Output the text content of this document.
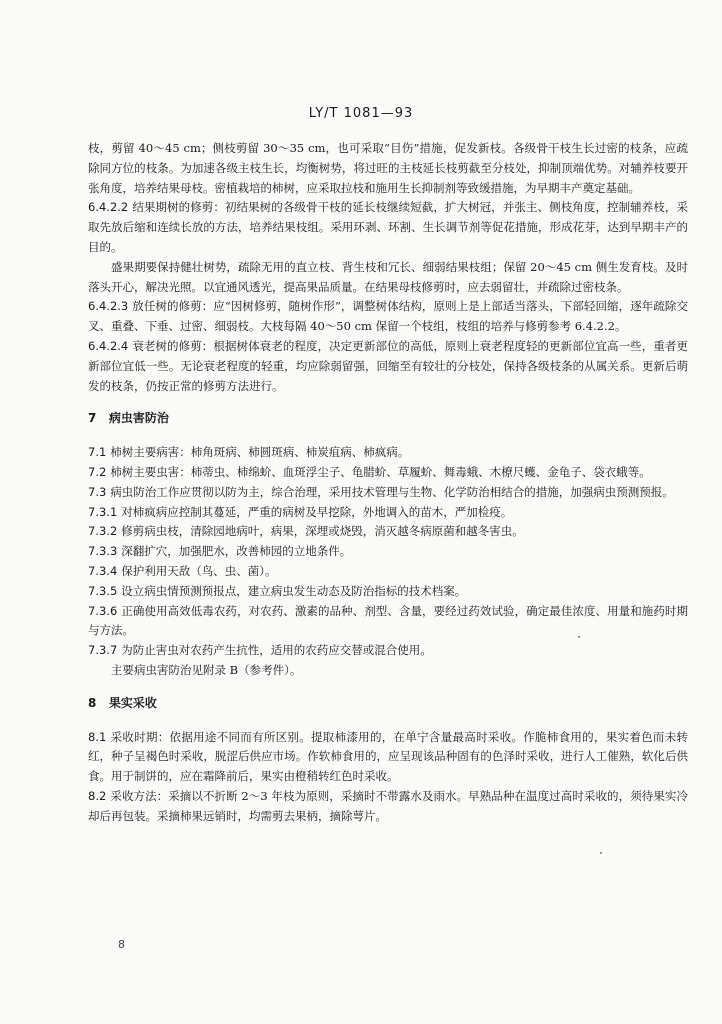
LY/T 1081—93

枝，剪留 40～45 cm；侧枝剪留 30～35 cm，也可采取“目伤”措施，促发新枝。各级骨干枝生长过密的枝条，应疏除同方位的枝条。为加速各级主枝生长，均衡树势，将过旺的主枝延长枝剪截至分枝处，抑制顶端优势。对辅养枝要开张角度，培养结果母枝。密植栽培的柿树，应采取拉枝和施用生长抑制剂等致缓措施，为早期丰产奠定基础。

6.4.2.2 结果期树的修剪：初结果树的各级骨干枝的延长枝继续短截，扩大树冠，并张主、侧枝角度，控制辅养枝，采取先放后缩和连续长放的方法，培养结果枝组。采用环剥、环割、生长调节剂等促花措施，形成花芽，达到早期丰产的目的。

盛果期要保持健壮树势，疏除无用的直立枝、背生枝和冗长、细弱结果枝组；保留 20～45 cm 侧生发育枝。及时落头开心，解决光照。以宜通风透光，提高果品质量。在结果母枝修剪时，应去弱留壮，并疏除过密枝条。

6.4.2.3 放任树的修剪：应“因树修剪，随树作形”，调整树体结构，原则上是上部适当落头，下部轻回缩，逐年疏除交叉、重叠、下垂、过密、细弱枝。大枝每隔 40～50 cm 保留一个枝组，枝组的培养与修剪参考 6.4.2.2。

6.4.2.4 衰老树的修剪：根据树体衰老的程度，决定更新部位的高低，原则上衰老程度轻的更新部位宜高一些，重者更新部位宜低一些。无论衰老程度的轻重，均应除弱留强，回缩至有较壮的分枝处，保持各级枝条的从属关系。更新后萌发的枝条，仍按正常的修剪方法进行。

7 病虫害防治

7.1 柿树主要病害：柿角斑病、柿圆斑病、柿炭疽病、柿疯病。

7.2 柿树主要虫害：柿蒂虫、柿绵蚧、血斑浮尘子、龟腊蚧、草履蚧、舞毒蛾、木橑尺蠖、金龟子、袋衣蛾等。

7.3 病虫防治工作应贯彻以防为主，综合治理，采用技术管理与生物、化学防治相结合的措施，加强病虫预测预报。

7.3.1 对柿疯病应控制其蔓延，严重的病树及早挖除，外地调入的苗木，严加检疫。

7.3.2 修剪病虫枝，清除园地病叶，病果，深埋或烧毁，消灭越冬病原菌和越冬害虫。

7.3.3 深翻扩穴，加强肥水，改善柿园的立地条件。

7.3.4 保护利用天敌（鸟、虫、菌）。

7.3.5 设立病虫情预测预报点，建立病虫发生动态及防治指标的技术档案。

7.3.6 正确使用高效低毒农药，对农药、激素的品种、剂型、含量，要经过药效试验，确定最佳浓度、用量和施药时期与方法。

7.3.7 为防止害虫对农药产生抗性，适用的农药应交替或混合使用。

主要病虫害防治见附录 B（参考件）。

8 果实采收

8.1 采收时期：依据用途不同而有所区别。提取柿漆用的，在单宁含量最高时采收。作脆柿食用的，果实着色而未转红，种子呈褐色时采收，脱涩后供应市场。作软柿食用的，应呈现该品种固有的色泽时采收，进行人工催熟，软化后供食。用于制饼的，应在霜降前后，果实由橙稍转红色时采收。

8.2 采收方法：采摘以不折断 2～3 年枝为原则，采摘时不带露水及雨水。早熟品种在温度过高时采收的，须待果实冷却后再包装。采摘柿果远销时，均需剪去果柄，摘除萼片。

8
